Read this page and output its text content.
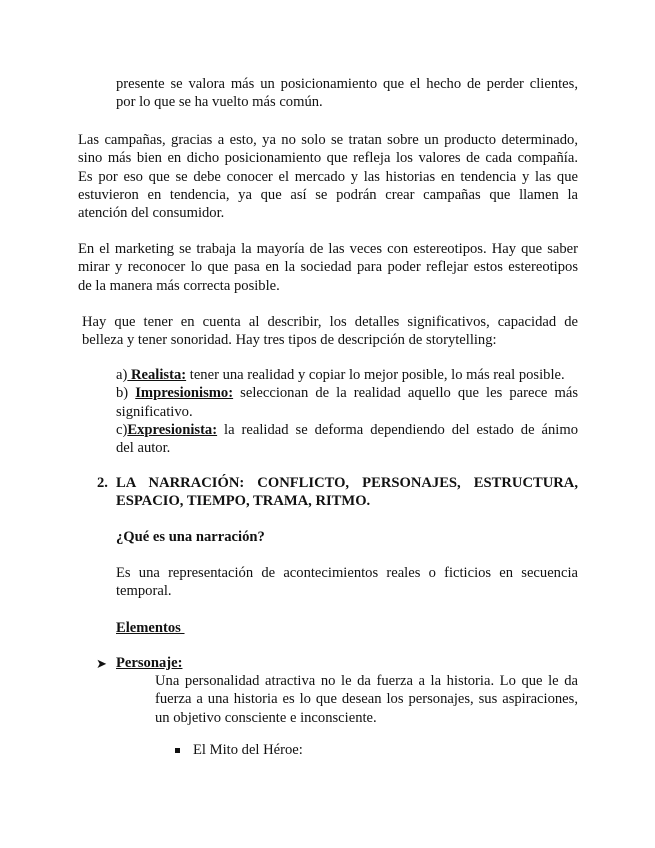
presente se valora más un posicionamiento que el hecho de perder clientes,

por lo que se ha vuelto más común.

Las campañas, gracias a esto, ya no solo se tratan sobre un producto determinado,

sino más bien en dicho posicionamiento que refleja los valores de cada compañía.

Es por eso que se debe conocer el mercado y las historias en tendencia y las que

estuvieron en tendencia, ya que así se podrán crear campañas que llamen la

atención del consumidor.

En el marketing se trabaja la mayoría de las veces con estereotipos. Hay que saber

mirar y reconocer lo que pasa en la sociedad para poder reflejar estos estereotipos

de la manera más correcta posible.

Hay que tener en cuenta al describir, los detalles significativos, capacidad de

belleza y tener sonoridad. Hay tres tipos de descripción de storytelling:

a) Realista: tener una realidad y copiar lo mejor posible, lo más real posible.

b) Impresionismo: seleccionan de la realidad aquello que les parece más

significativo.

c)Expresionista: la realidad se deforma dependiendo del estado de ánimo

del autor.

2. LA NARRACIÓN: CONFLICTO, PERSONAJES, ESTRUCTURA,

ESPACIO, TIEMPO, TRAMA, RITMO.

¿Qué es una narración?

Es una representación de acontecimientos reales o ficticios en secuencia

temporal.

Elementos
➤ Personaje:

Una personalidad atractiva no le da fuerza a la historia. Lo que le da

fuerza a una historia es lo que desean los personajes, sus aspiraciones,

un objetivo consciente e inconsciente.

El Mito del Héroe:
